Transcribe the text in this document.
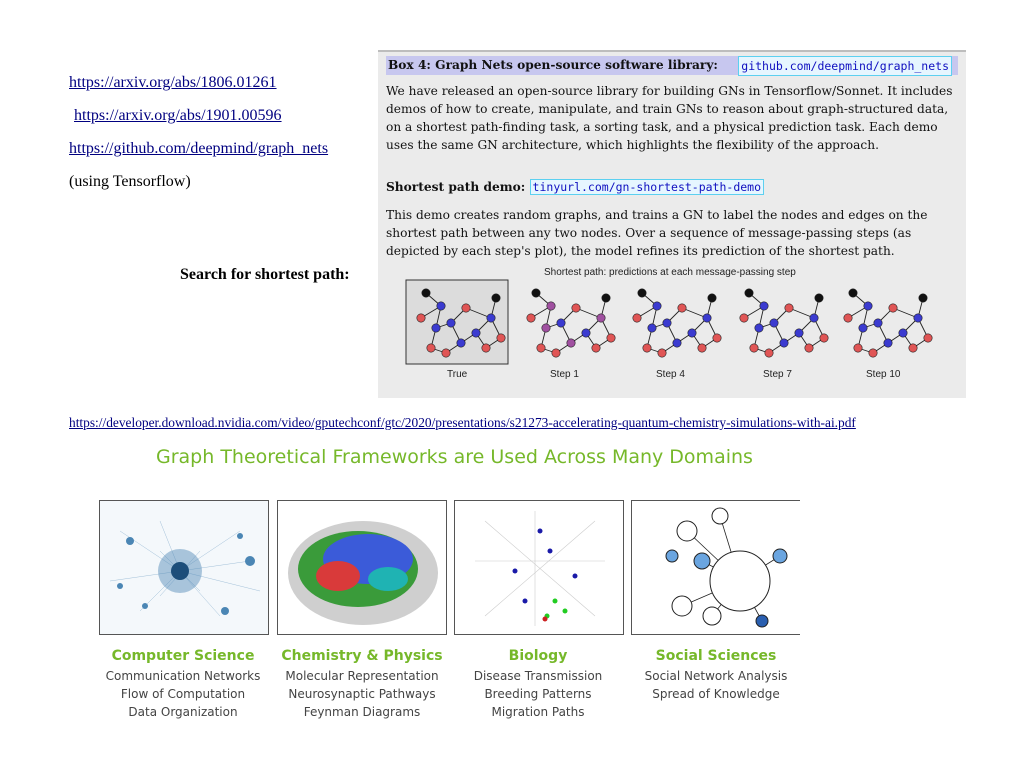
https://arxiv.org/abs/1806.01261
https://arxiv.org/abs/1901.00596
https://github.com/deepmind/graph_nets
(using Tensorflow)
Search for shortest path:
Box 4: Graph Nets open-source software library: github.com/deepmind/graph_nets
We have released an open-source library for building GNs in Tensorflow/Sonnet. It includes demos of how to create, manipulate, and train GNs to reason about graph-structured data, on a shortest path-finding task, a sorting task, and a physical prediction task. Each demo uses the same GN architecture, which highlights the flexibility of the approach.
Shortest path demo: tinyurl.com/gn-shortest-path-demo
This demo creates random graphs, and trains a GN to label the nodes and edges on the shortest path between any two nodes. Over a sequence of message-passing steps (as depicted by each step's plot), the model refines its prediction of the shortest path.
Shortest path: predictions at each message-passing step
True	Step 1	Step 4	Step 7	Step 10
https://developer.download.nvidia.com/video/gputechconf/gtc/2020/presentations/s21273-accelerating-quantum-chemistry-simulations-with-ai.pdf
Graph Theoretical Frameworks are Used Across Many Domains
Computer Science
Communication Networks
Flow of Computation
Data Organization
Chemistry & Physics
Molecular Representation
Neurosynaptic Pathways
Feynman Diagrams
Biology
Disease Transmission
Breeding Patterns
Migration Paths
Social Sciences
Social Network Analysis
Spread of Knowledge
